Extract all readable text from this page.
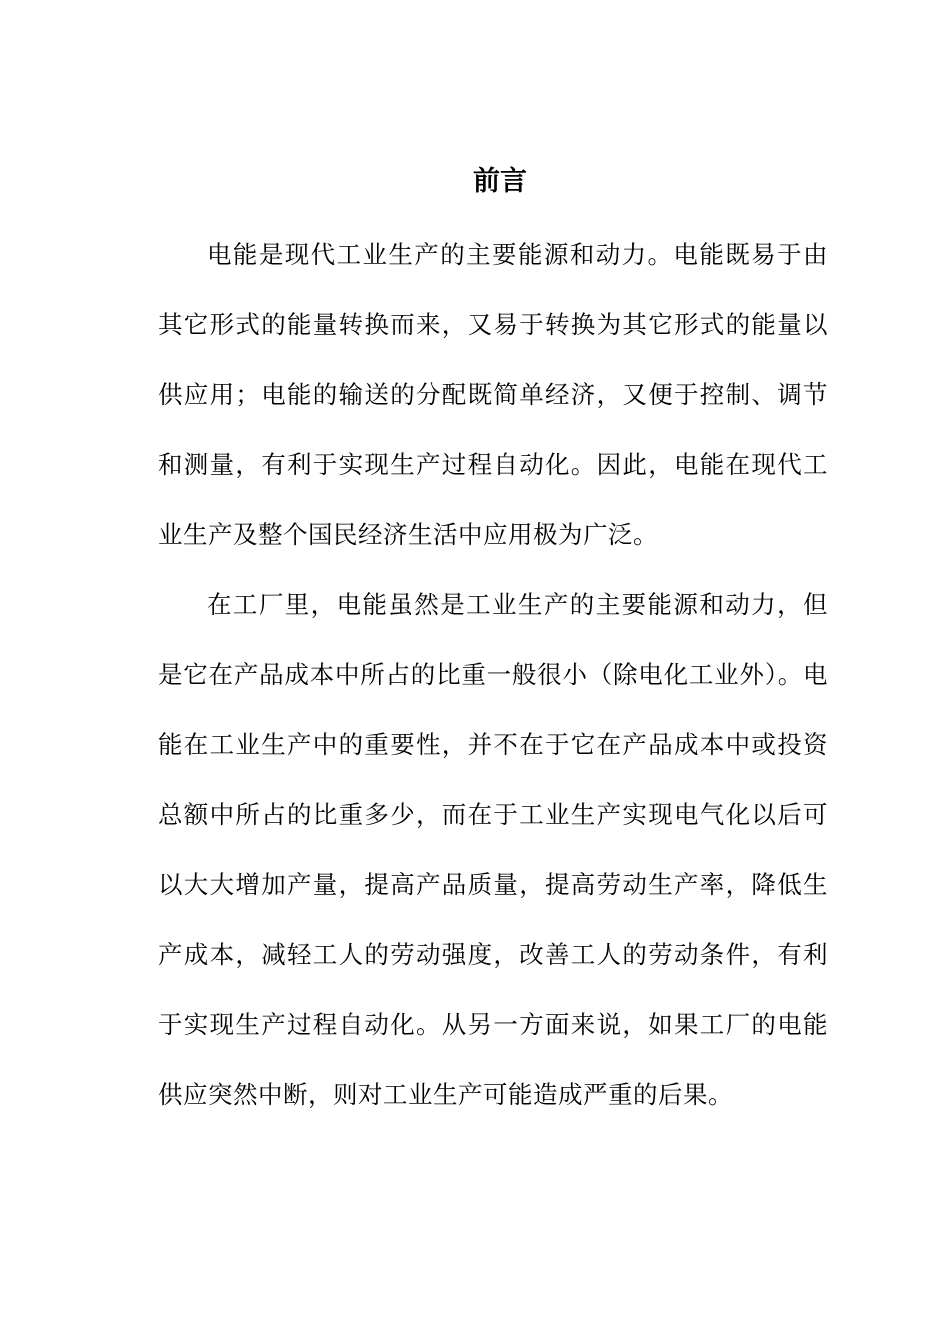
前言

电能是现代工业生产的主要能源和动力。电能既易于由其它形式的能量转换而来，又易于转换为其它形式的能量以供应用；电能的输送的分配既简单经济，又便于控制、调节和测量，有利于实现生产过程自动化。因此，电能在现代工业生产及整个国民经济生活中应用极为广泛。

在工厂里，电能虽然是工业生产的主要能源和动力，但是它在产品成本中所占的比重一般很小（除电化工业外）。电能在工业生产中的重要性，并不在于它在产品成本中或投资总额中所占的比重多少，而在于工业生产实现电气化以后可以大大增加产量，提高产品质量，提高劳动生产率，降低生产成本，减轻工人的劳动强度，改善工人的劳动条件，有利于实现生产过程自动化。从另一方面来说，如果工厂的电能供应突然中断，则对工业生产可能造成严重的后果。
